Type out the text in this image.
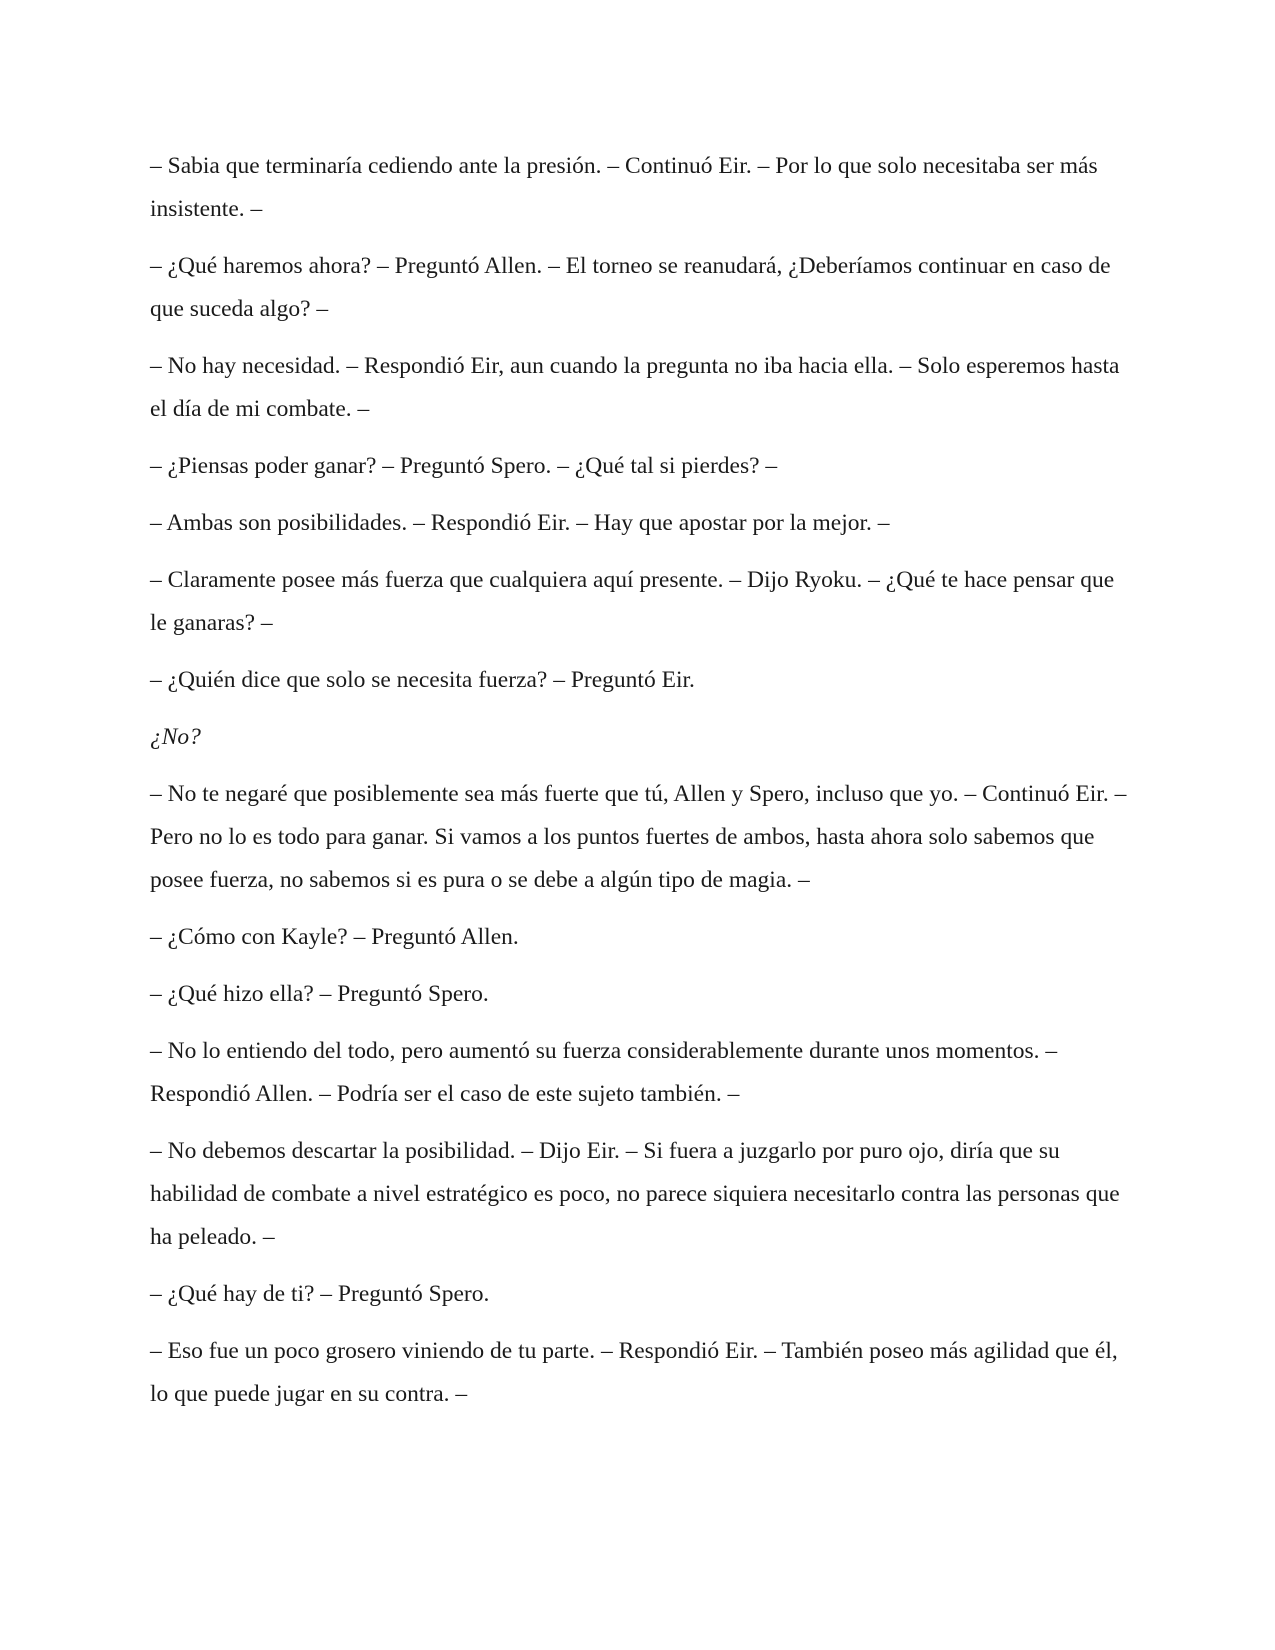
– Sabia que terminaría cediendo ante la presión. – Continuó Eir. – Por lo que solo necesitaba ser más insistente. –

– ¿Qué haremos ahora? – Preguntó Allen. – El torneo se reanudará, ¿Deberíamos continuar en caso de que suceda algo? –

– No hay necesidad. – Respondió Eir, aun cuando la pregunta no iba hacia ella. – Solo esperemos hasta el día de mi combate. –

– ¿Piensas poder ganar? – Preguntó Spero. – ¿Qué tal si pierdes? –

– Ambas son posibilidades. – Respondió Eir. – Hay que apostar por la mejor. –

– Claramente posee más fuerza que cualquiera aquí presente. – Dijo Ryoku. – ¿Qué te hace pensar que le ganaras? –

– ¿Quién dice que solo se necesita fuerza? – Preguntó Eir.

¿No?

– No te negaré que posiblemente sea más fuerte que tú, Allen y Spero, incluso que yo. – Continuó Eir. – Pero no lo es todo para ganar. Si vamos a los puntos fuertes de ambos, hasta ahora solo sabemos que posee fuerza, no sabemos si es pura o se debe a algún tipo de magia. –

– ¿Cómo con Kayle? – Preguntó Allen.

– ¿Qué hizo ella? – Preguntó Spero.

– No lo entiendo del todo, pero aumentó su fuerza considerablemente durante unos momentos. – Respondió Allen. – Podría ser el caso de este sujeto también. –

– No debemos descartar la posibilidad. – Dijo Eir. – Si fuera a juzgarlo por puro ojo, diría que su habilidad de combate a nivel estratégico es poco, no parece siquiera necesitarlo contra las personas que ha peleado. –

– ¿Qué hay de ti? – Preguntó Spero.

– Eso fue un poco grosero viniendo de tu parte. – Respondió Eir. – También poseo más agilidad que él, lo que puede jugar en su contra. –
